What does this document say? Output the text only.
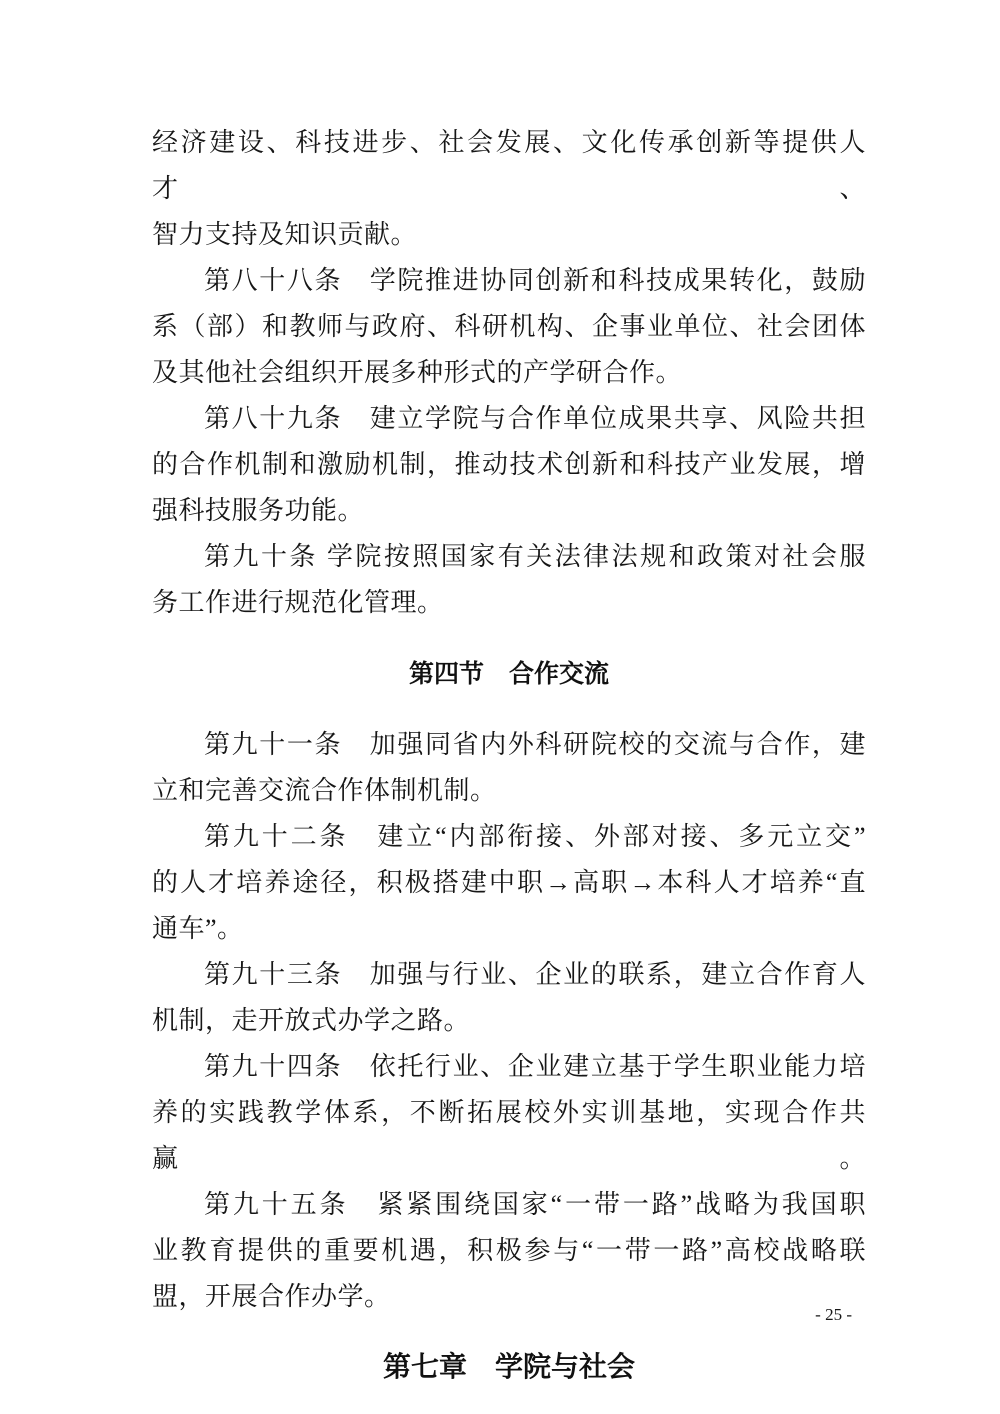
经济建设、科技进步、社会发展、文化传承创新等提供人才、
智力支持及知识贡献。
第八十八条　学院推进协同创新和科技成果转化，鼓励
系（部）和教师与政府、科研机构、企事业单位、社会团体
及其他社会组织开展多种形式的产学研合作。
第八十九条　建立学院与合作单位成果共享、风险共担
的合作机制和激励机制，推动技术创新和科技产业发展，增
强科技服务功能。
第九十条 学院按照国家有关法律法规和政策对社会服
务工作进行规范化管理。
第四节　合作交流
第九十一条　加强同省内外科研院校的交流与合作，建
立和完善交流合作体制机制。
第九十二条　建立“内部衔接、外部对接、多元立交”
的人才培养途径，积极搭建中职→高职→本科人才培养“直
通车”。
第九十三条　加强与行业、企业的联系，建立合作育人
机制，走开放式办学之路。
第九十四条　依托行业、企业建立基于学生职业能力培
养的实践教学体系，不断拓展校外实训基地，实现合作共赢。
第九十五条　紧紧围绕国家“一带一路”战略为我国职
业教育提供的重要机遇，积极参与“一带一路”高校战略联
盟，开展合作办学。
第七章　学院与社会
- 25 -
